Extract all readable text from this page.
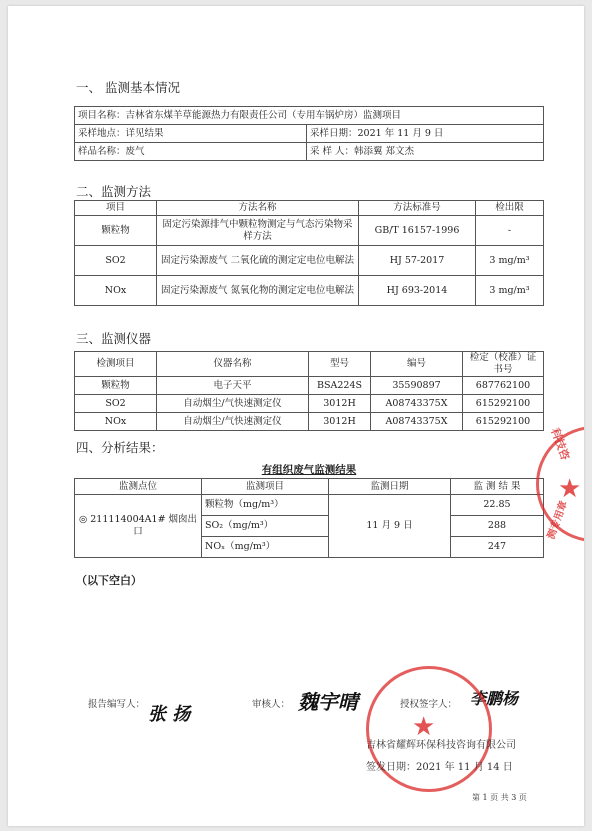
一、 监测基本情况
项目名称：吉林省东煤羊草能源热力有限责任公司（专用车锅炉房）监测项目	
采样地点：详见结果	采样日期：2021 年 11 月 9 日
样品名称：废气	采 样 人：韩添翼 郑文杰
二、监测方法
项目	方法名称	方法标准号	检出限
颗粒物	固定污染源排气中颗粒物测定与气态污染物采样方法	GB/T 16157-1996	-
SO2	固定污染源废气 二氧化硫的测定定电位电解法	HJ 57-2017	3 mg/m³
NOx	固定污染源废气 氮氧化物的测定定电位电解法	HJ 693-2014	3 mg/m³
三、监测仪器
检测项目	仪器名称	型号	编号	检定（校准）证书号
颗粒物	电子天平	BSA224S	35590897	687762100
SO2	自动烟尘/气快速测定仪	3012H	A08743375X	615292100
NOx	自动烟尘/气快速测定仪	3012H	A08743375X	615292100
四、分析结果：
有组织废气监测结果
监测点位	监测项目	监测日期	监 测 结 果
◎ 211114004A1# 烟囱出口	颗粒物（mg/m³）	11 月 9 日	22.85
	SO₂（mg/m³）		288
	NOₓ（mg/m³）		247
（以下空白）
科技咨
★
测专用章
报告编写人： 张 扬	审核人： 魏宇晴	授权签字人： 李鹏杨
★
吉林省耀辉环保科技咨询有限公司
签发日期：2021 年 11 月 14 日
第 1 页 共 3 页
